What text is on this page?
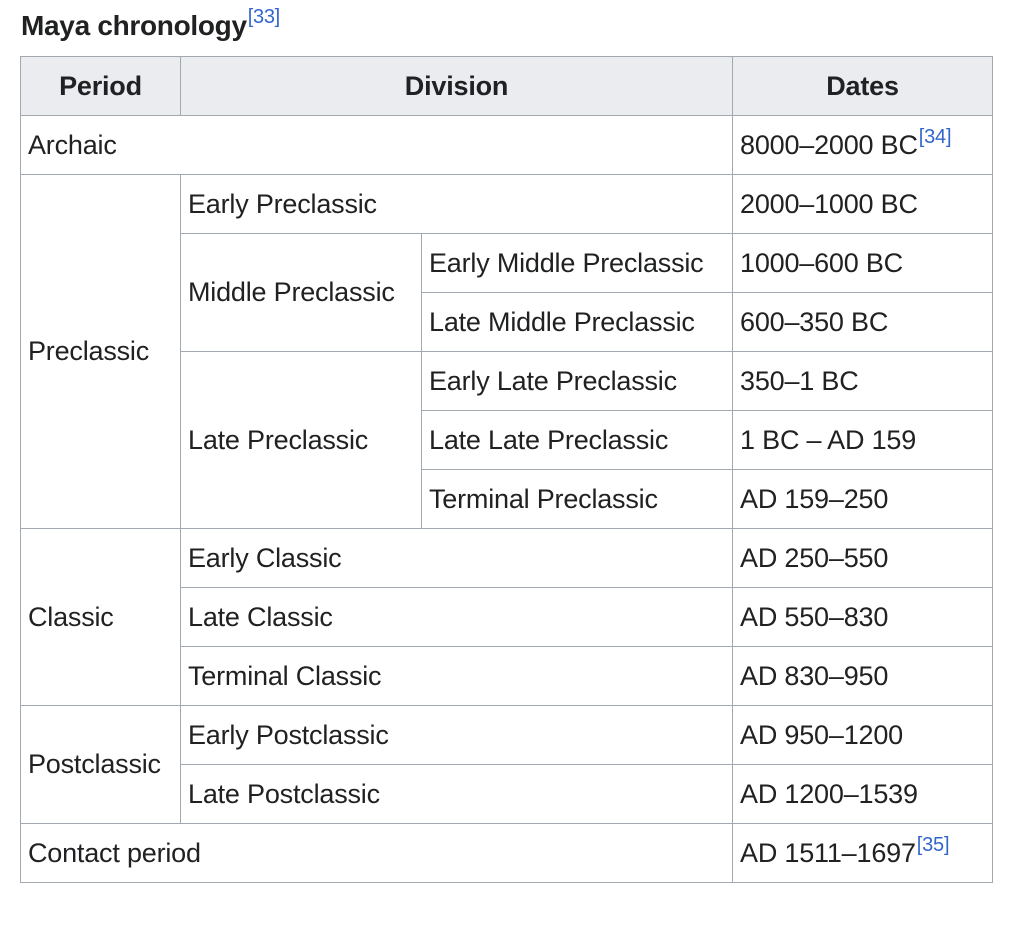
Maya chronology[33]
Period	Division		Dates
Archaic			8000–2000 BC[34]
Preclassic	Early Preclassic		2000–1000 BC
	Middle Preclassic	Early Middle Preclassic	1000–600 BC
		Late Middle Preclassic	600–350 BC
	Late Preclassic	Early Late Preclassic	350–1 BC
		Late Late Preclassic	1 BC – AD 159
		Terminal Preclassic	AD 159–250
Classic	Early Classic		AD 250–550
	Late Classic		AD 550–830
	Terminal Classic		AD 830–950
Postclassic	Early Postclassic		AD 950–1200
	Late Postclassic		AD 1200–1539
Contact period			AD 1511–1697[35]
